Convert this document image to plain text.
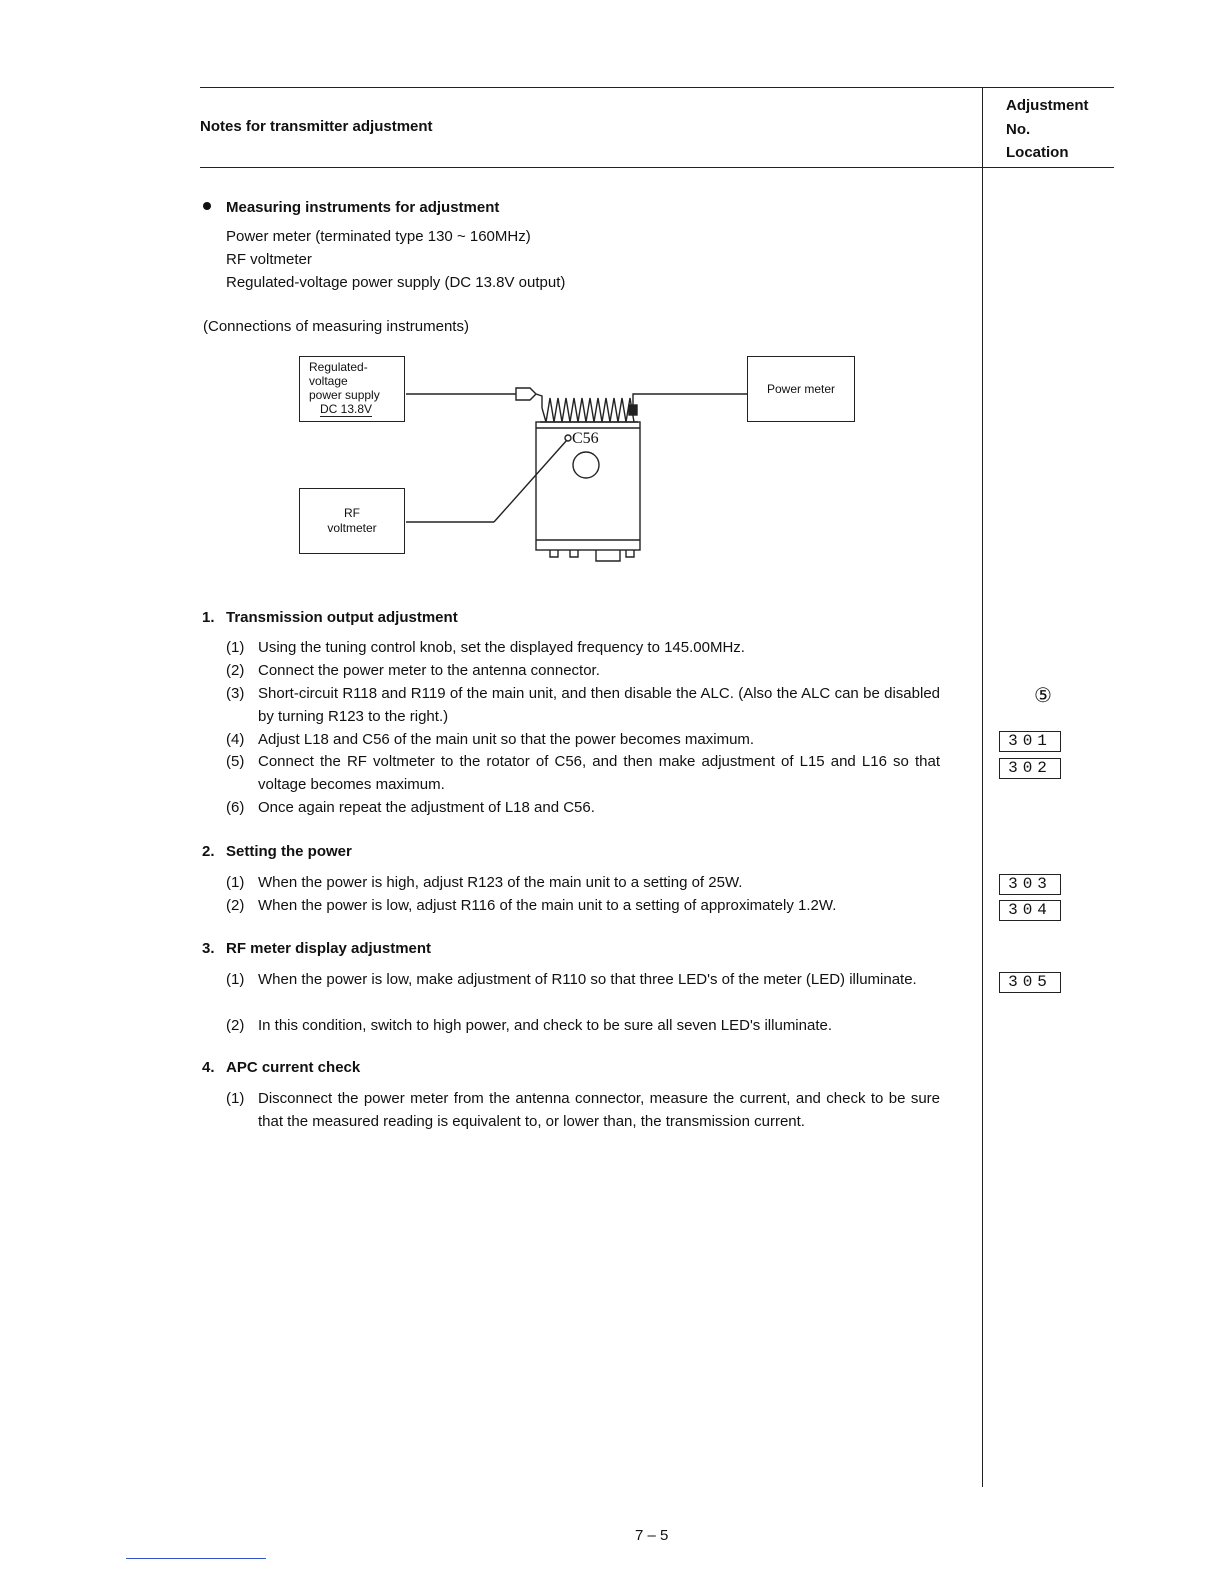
Notes for transmitter adjustment
Adjustment
No.
Location
Measuring instruments for adjustment
Power meter (terminated type 130 ~ 160MHz)
RF voltmeter
Regulated-voltage power supply (DC 13.8V output)
(Connections of measuring instruments)
Regulated-
voltage
power supply
DC 13.8V
Power meter
RF
voltmeter
C56
1. Transmission output adjustment
(1) Using the tuning control knob, set the displayed frequency to 145.00MHz.
(2) Connect the power meter to the antenna connector.
(3) Short-circuit R118 and R119 of the main unit, and then disable the ALC. (Also the ALC can be disabled by turning R123 to the right.)
(4) Adjust L18 and C56 of the main unit so that the power becomes maximum.
(5) Connect the RF voltmeter to the rotator of C56, and then make adjustment of L15 and L16 so that voltage becomes maximum.
(6) Once again repeat the adjustment of L18 and C56.
2. Setting the power
(1) When the power is high, adjust R123 of the main unit to a setting of 25W.
(2) When the power is low, adjust R116 of the main unit to a setting of approximately 1.2W.
3. RF meter display adjustment
(1) When the power is low, make adjustment of R110 so that three LED's of the meter (LED) illuminate.
(2) In this condition, switch to high power, and check to be sure all seven LED's illuminate.
4. APC current check
(1) Disconnect the power meter from the antenna connector, measure the current, and check to be sure that the measured reading is equivalent to, or lower than, the transmission current.
⑤
301
302
303
304
305
7 – 5
